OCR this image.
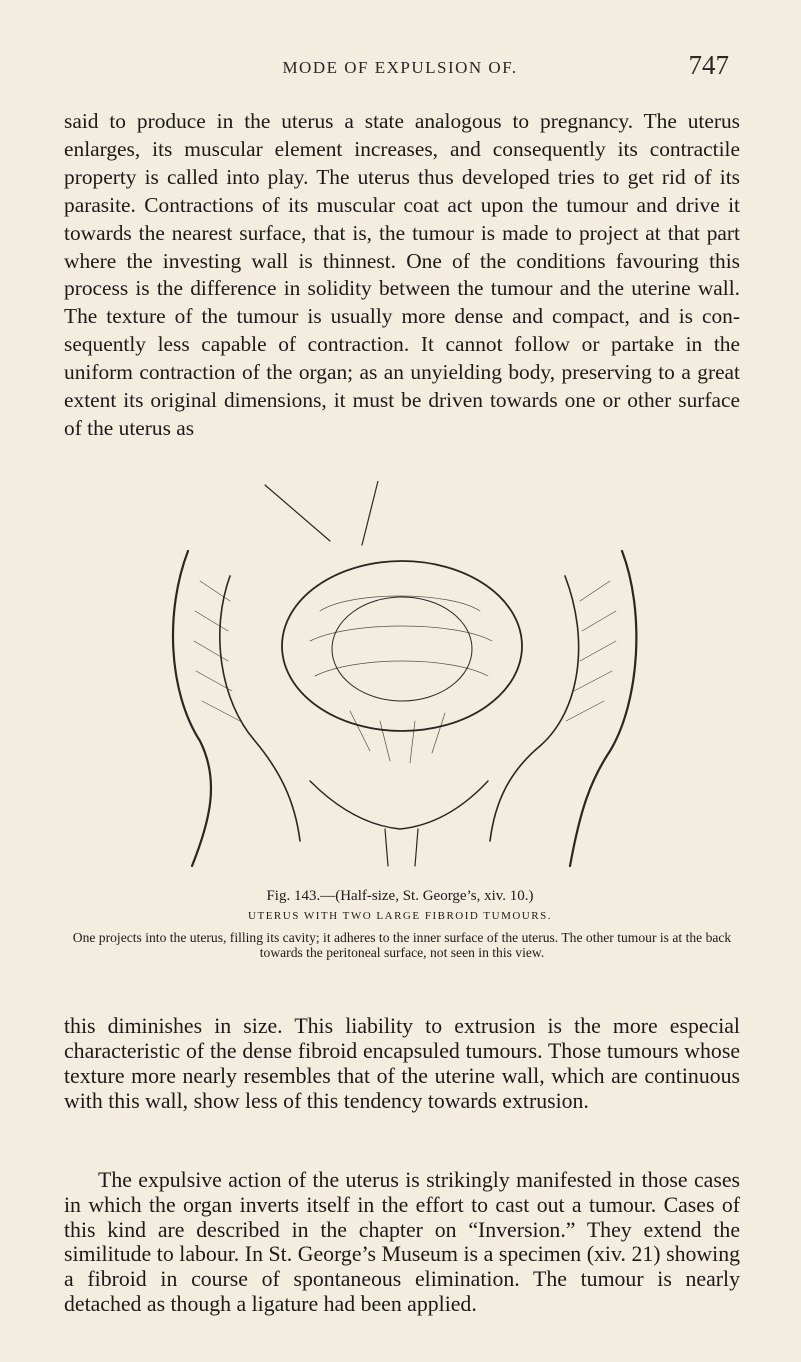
MODE OF EXPULSION OF.	747

said to produce in the uterus a state analogous to pregnancy. The uterus enlarges, its muscular element increases, and consequently its contractile property is called into play. The uterus thus developed tries to get rid of its parasite. Contractions of its muscular coat act upon the tumour and drive it towards the nearest surface, that is, the tumour is made to project at that part where the investing wall is thinnest. One of the conditions favouring this process is the difference in solidity between the tumour and the uterine wall. The texture of the tumour is usually more dense and compact, and is consequently less capable of contraction. It cannot follow or partake in the uniform contraction of the organ; as an unyielding body, preserving to a great extent its original dimensions, it must be driven towards one or other surface of the uterus as

Fig. 143.—(Half-size, St. George’s, xiv. 10.)
UTERUS WITH TWO LARGE FIBROID TUMOURS.
One projects into the uterus, filling its cavity; it adheres to the inner surface of the uterus. The other tumour is at the back towards the peritoneal surface, not seen in this view.

this diminishes in size. This liability to extrusion is the more especial characteristic of the dense fibroid encapsuled tumours. Those tumours whose texture more nearly resembles that of the uterine wall, which are continuous with this wall, show less of this tendency towards extrusion.

The expulsive action of the uterus is strikingly manifested in those cases in which the organ inverts itself in the effort to cast out a tumour. Cases of this kind are described in the chapter on “Inversion.” They extend the similitude to labour. In St. George’s Museum is a specimen (xiv. 21) showing a fibroid in course of spontaneous elimination. The tumour is nearly detached as though a ligature had been applied.
